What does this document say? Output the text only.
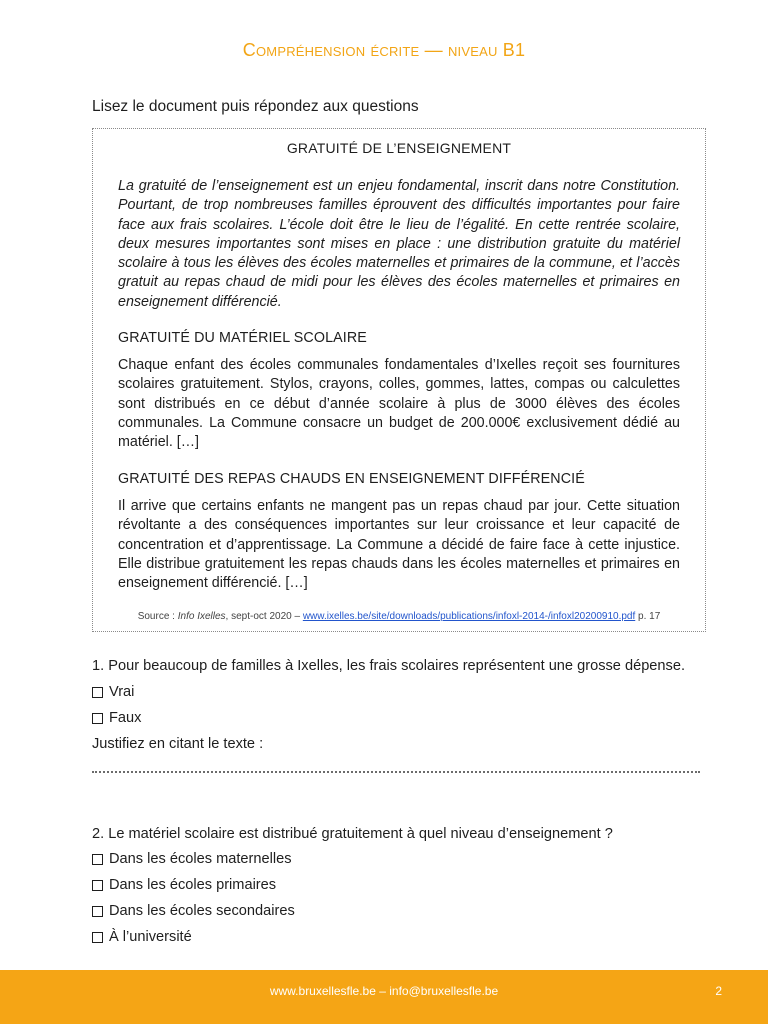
Compréhension écrite — niveau B1
Lisez le document puis répondez aux questions
GRATUITÉ DE L’ENSEIGNEMENT
La gratuité de l’enseignement est un enjeu fondamental, inscrit dans notre Constitution. Pourtant, de trop nombreuses familles éprouvent des difficultés importantes pour faire face aux frais scolaires. L’école doit être le lieu de l’égalité. En cette rentrée scolaire, deux mesures importantes sont mises en place : une distribution gratuite du matériel scolaire à tous les élèves des écoles maternelles et primaires de la commune, et l’accès gratuit au repas chaud de midi pour les élèves des écoles maternelles et primaires en enseignement différencié.
GRATUITÉ DU MATÉRIEL SCOLAIRE
Chaque enfant des écoles communales fondamentales d’Ixelles reçoit ses fournitures scolaires gratuitement. Stylos, crayons, colles, gommes, lattes, compas ou calculettes sont distribués en ce début d’année scolaire à plus de 3000 élèves des écoles communales. La Commune consacre un budget de 200.000€ exclusivement dédié au matériel. […]
GRATUITÉ DES REPAS CHAUDS EN ENSEIGNEMENT DIFFÉRENCIÉ
Il arrive que certains enfants ne mangent pas un repas chaud par jour. Cette situation révoltante a des conséquences importantes sur leur croissance et leur capacité de concentration et d’apprentissage. La Commune a décidé de faire face à cette injustice. Elle distribue gratuitement les repas chauds dans les écoles maternelles et primaires en enseignement différencié. […]
Source : Info Ixelles, sept-oct 2020 – www.ixelles.be/site/downloads/publications/infoxl-2014-/infoxl20200910.pdf p. 17
1. Pour beaucoup de familles à Ixelles, les frais scolaires représentent une grosse dépense.
Vrai
Faux
Justifiez en citant le texte :
2. Le matériel scolaire est distribué gratuitement à quel niveau d’enseignement ?
Dans les écoles maternelles
Dans les écoles primaires
Dans les écoles secondaires
À l’université
www.bruxellesfle.be – info@bruxellesfle.be	2
